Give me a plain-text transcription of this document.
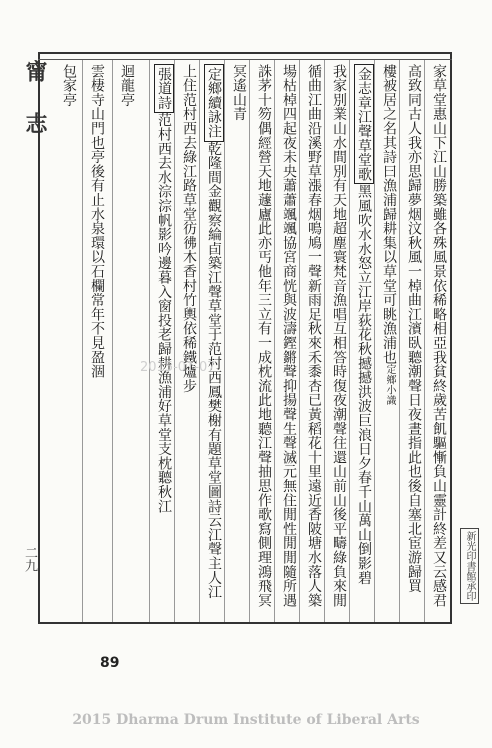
甯 志
二九	新光印書館承印
家草堂惠山下江山勝築雖各殊風景依稀略相亞我貧終歲苦飢驅慚負山靈計終差又云感君
高致同古人我亦思歸夢烟汶秋風一棹曲江濱臥聽潮聲日夜晝指此也後自塞北宦游歸買
樓被居之名其詩曰漁浦歸耕集以草堂可眺漁浦也定鄉小識
金志章江聲草堂歌黑風吹水水怒立江岸荻花秋撼撼洪波巨浪日夕春千山萬山倒影碧
我家別業山水間別有天地超塵寰梵音漁唱互相答時復夜潮聲往還山前山後平疇綠負來閒
循曲江曲沿溪野草漲春烟鳴鳩一聲新雨足秋來禾黍杏已黃稻花十里遠近香陂塘水落人築
場枯棹四起夜未央蕭蕭颯颯協宮商恍與波濤鏗鏘聲抑揚聲生聲滅元無住閒性閒閒隨所遇
誅茅十笏偶經營天地蘧廬此亦丐他年三立有一成枕流此地聽江聲抽思作歌寫側理鴻飛冥
冥遙山青
定鄉續詠注乾隆間金觀察綸卣築江聲草堂于范村西鳳樊榭有題草堂圖詩云江聲主人江
上住范村西去綠江路草堂彷彿木香村竹輿依稀鐵爐步
張道詩范村西去水淙淙帆影吟邊暮入窗投老歸耕漁浦好草堂支枕聽秋江
迴龍亭
雲棲寺山門也亭後有止水泉環以石欄常年不見盈涸
包家亭
2015-01-07
89
2015 Dharma Drum Institute of Liberal Arts
